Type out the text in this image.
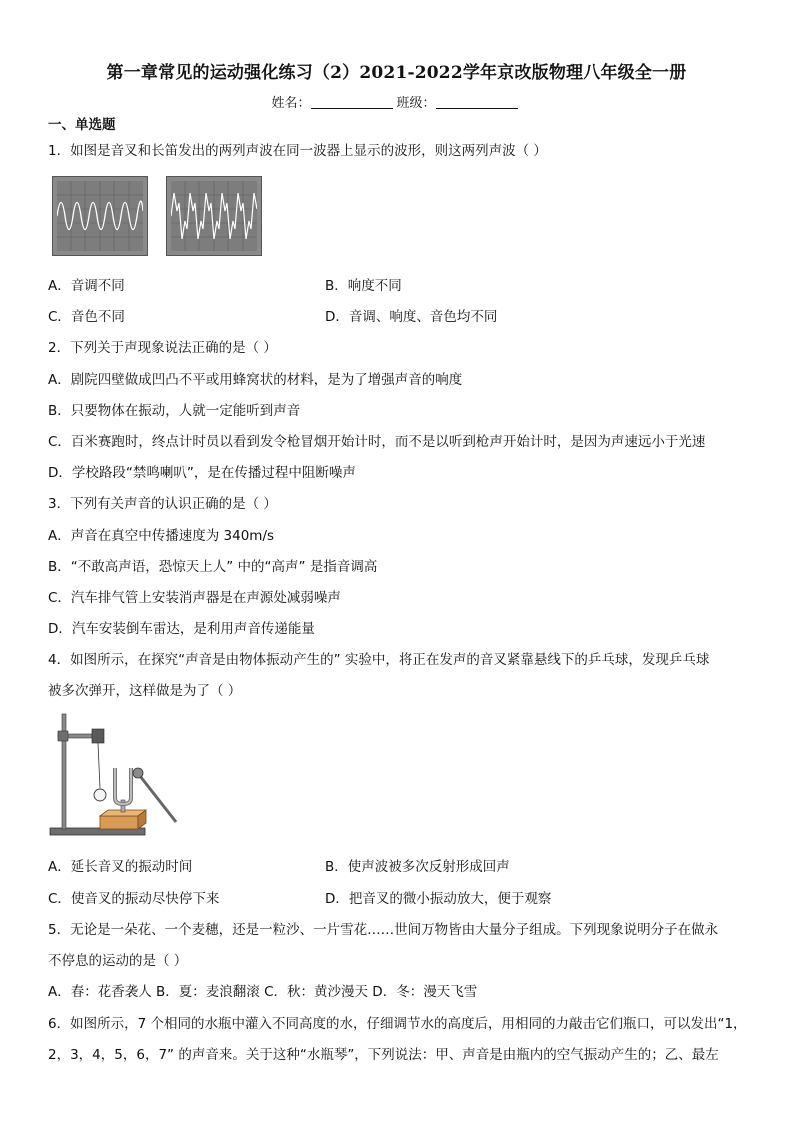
第一章常见的运动强化练习（2）2021-2022学年京改版物理八年级全一册
姓名：	班级：
一、单选题
1．如图是音叉和长笛发出的两列声波在同一波器上显示的波形，则这两列声波（ ）
A．音调不同	B．响度不同
C．音色不同	D．音调、响度、音色均不同
2．下列关于声现象说法正确的是（ ）
A．剧院四壁做成凹凸不平或用蜂窝状的材料，是为了增强声音的响度
B．只要物体在振动，人就一定能听到声音
C．百米赛跑时，终点计时员以看到发令枪冒烟开始计时，而不是以听到枪声开始计时，是因为声速远小于光速
D．学校路段“禁鸣喇叭”，是在传播过程中阻断噪声
3．下列有关声音的认识正确的是（ ）
A．声音在真空中传播速度为 340m/s
B．“不敢高声语，恐惊天上人” 中的“高声” 是指音调高
C．汽车排气管上安装消声器是在声源处减弱噪声
D．汽车安装倒车雷达，是利用声音传递能量
4．如图所示，在探究“声音是由物体振动产生的” 实验中，将正在发声的音叉紧靠悬线下的乒乓球，发现乒乓球
被多次弹开，这样做是为了（ ）
A．延长音叉的振动时间	B．使声波被多次反射形成回声
C．使音叉的振动尽快停下来	D．把音叉的微小振动放大，便于观察
5．无论是一朵花、一个麦穗，还是一粒沙、一片雪花……世间万物皆由大量分子组成。下列现象说明分子在做永
不停息的运动的是（ ）
A．春：花香袭人 B．夏：麦浪翻滚 C．秋：黄沙漫天 D．冬：漫天飞雪
6．如图所示，7 个相同的水瓶中灌入不同高度的水，仔细调节水的高度后，用相同的力敲击它们瓶口，可以发出“1，
2，3，4，5，6，7” 的声音来。关于这种“水瓶琴”，下列说法：甲、声音是由瓶内的空气振动产生的；乙、最左
